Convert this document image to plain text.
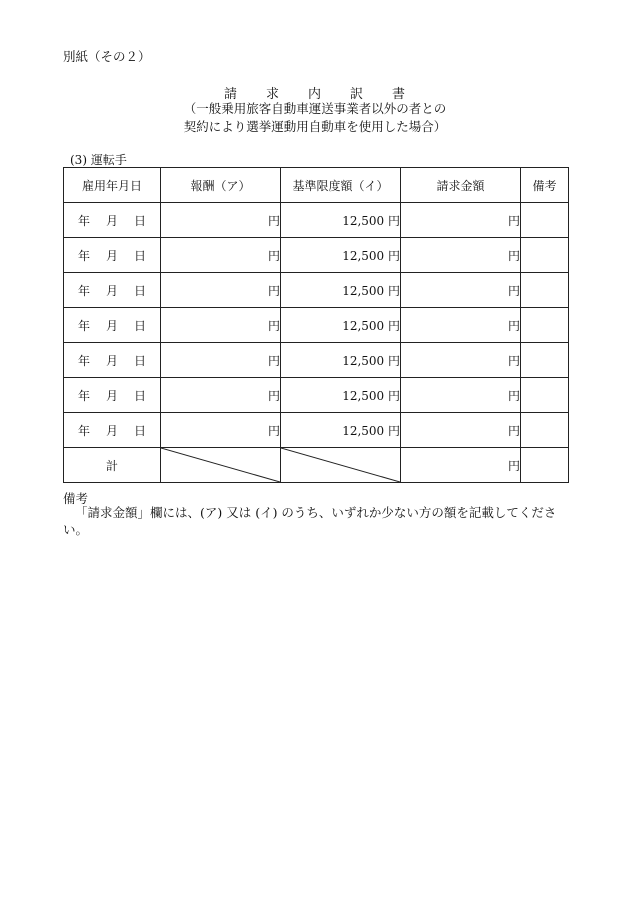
別紙（その２）
請　　求　　内　　訳　　書
（一般乗用旅客自動車運送事業者以外の者との
契約により選挙運動用自動車を使用した場合）
(3) 運転手
雇用年月日	報酬（ア）	基準限度額（イ）	請求金額	備考
年 月 日	円	12,500 円	円	
年 月 日	円	12,500 円	円	
年 月 日	円	12,500 円	円	
年 月 日	円	12,500 円	円	
年 月 日	円	12,500 円	円	
年 月 日	円	12,500 円	円	
年 月 日	円	12,500 円	円	
計			円	
備考
「請求金額」欄には、(ア) 又は (イ) のうち、いずれか少ない方の額を記載してください。
